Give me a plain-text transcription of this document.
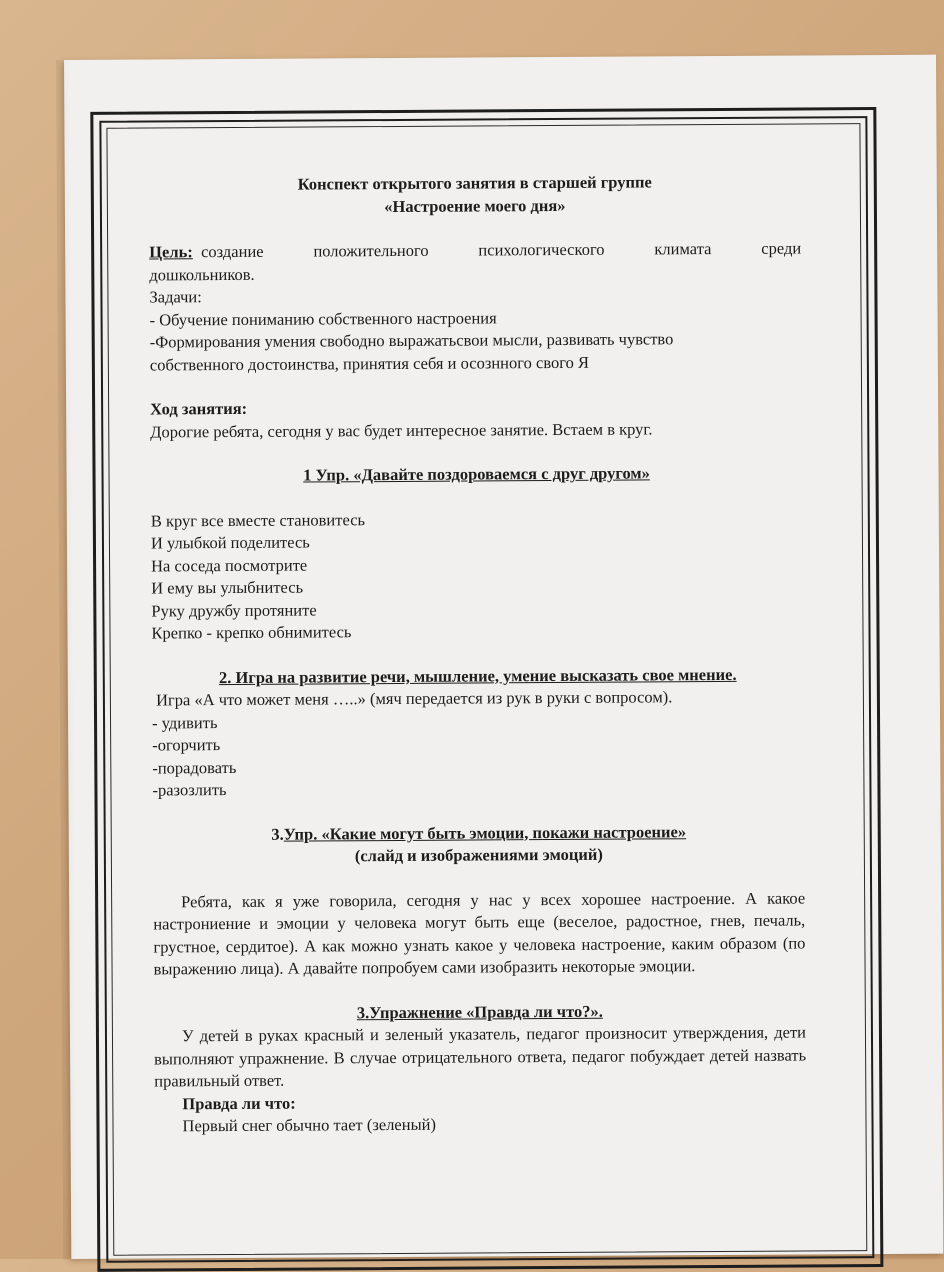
Конспект открытого занятия в старшей группе
«Настроение моего дня»

Цель: создание	положительного	психологического	климата	среди

дошкольников.

Задачи:

- Обучение пониманию собственного настроения

-Формирования умения свободно выражатьсвои мысли, развивать чувство

собственного достоинства, принятия себя и осознного свого Я

Ход занятия:

Дорогие ребята, сегодня у вас будет интересное занятие. Встаем в круг.

1 Упр. «Давайте поздороваемся с друг другом»

В круг все вместе становитесь

И улыбкой поделитесь

На соседа посмотрите

И ему вы улыбнитесь

Руку дружбу протяните

Крепко - крепко обнимитесь

2. Игра на развитие речи, мышление, умение высказать свое мнение.

Игра «А что может меня …..» (мяч передается из рук в руки с вопросом).

- удивить

-огорчить

-порадовать

-разозлить

3.Упр. «Какие могут быть эмоции, покажи настроение»
(слайд и изображениями эмоций)

Ребята, как я уже говорила, сегодня у нас у всех хорошее настроение. А какое настрониение и эмоции у человека могут быть еще (веселое, радостное, гнев, печаль, грустное, сердитое). А как можно узнать какое у человека настроение, каким образом (по выражению лица). А давайте попробуем сами изобразить некоторые эмоции.

3.Упражнение «Правда ли что?».

У детей в руках красный и зеленый указатель, педагог произносит утверждения, дети выполняют упражнение. В случае отрицательного ответа, педагог побуждает детей назвать правильный ответ.

Правда ли что:

Первый снег обычно тает (зеленый)
